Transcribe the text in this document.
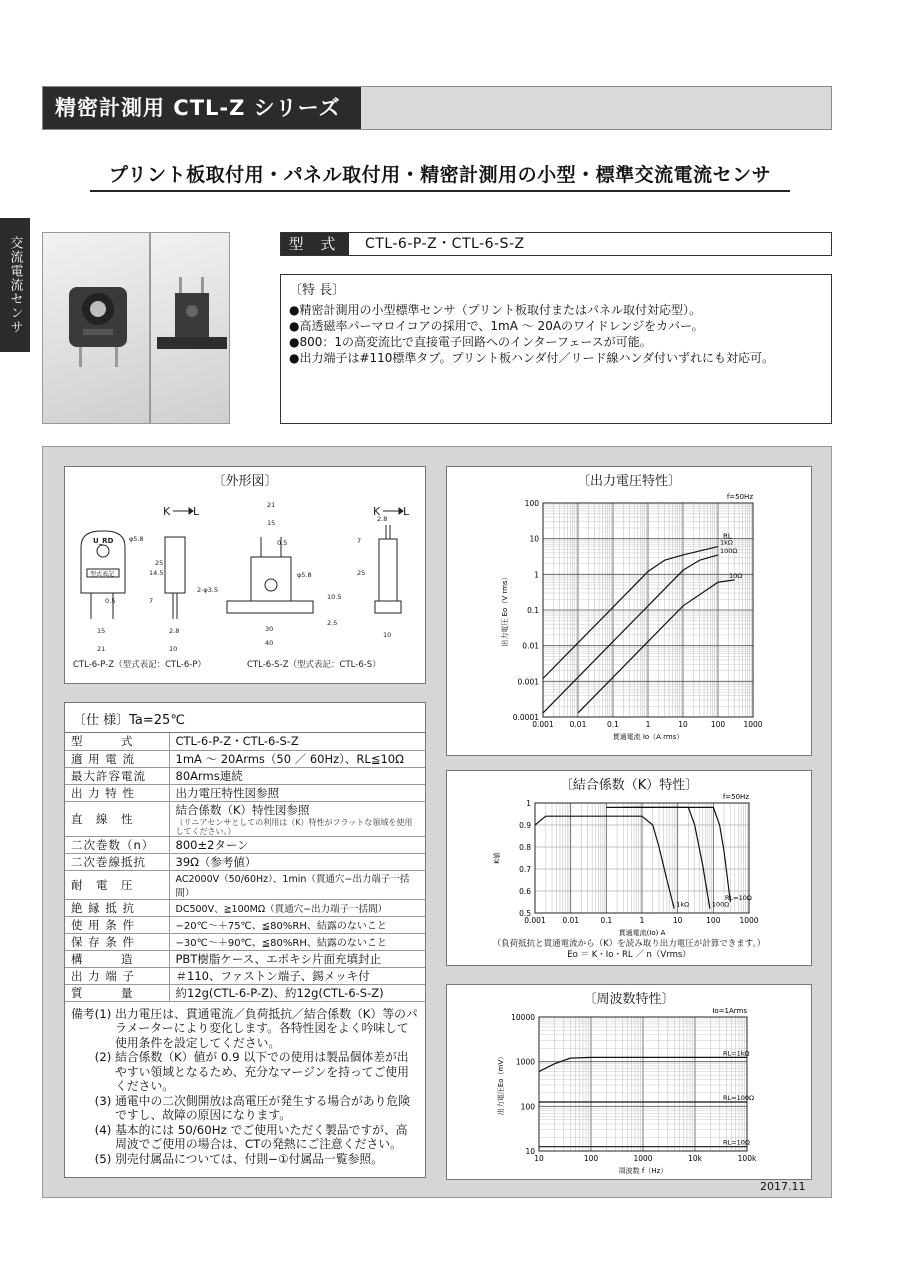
精密計測用 CTL-Z シリーズ
プリント板取付用・パネル取付用・精密計測用の小型・標準交流電流センサ
交流電流センサ	型 式	CTL-6-P-Z・CTL-6-S-Z
〔特 長〕
●精密計測用の小型標準センサ（プリント板取付またはパネル取付対応型）。
●高透磁率パーマロイコアの採用で、1mA ～ 20Aのワイドレンジをカバー。
●800：1の高変流比で直接電子回路へのインターフェースが可能。
●出力端子は#110標準タブ。プリント板ハンダ付／リード線ハンダ付いずれにも対応可。
〔外形図〕
K L	K L
U_RD
型式表記
φ5.8
14.5
25
7
0.5
15
21
2.8
10
21
15
0.5
φ5.8
2-φ3.5
30
40
2.5
10.5
25
7
2.8
10
CTL-6-P-Z（型式表記：CTL-6-P）	CTL-6-S-Z（型式表記：CTL-6-S）
〔仕 様〕Ta=25℃
型　　　式	CTL-6-P-Z・CTL-6-S-Z
適 用 電 流	1mA ～ 20Arms（50 ／ 60Hz）、RL≦10Ω
最大許容電流	80Arms連続
出 力 特 性	出力電圧特性図参照
直　線　性	結合係数（K）特性図参照
（リニアセンサとしての利用は（K）特性がフラットな領域を使用してください。）

二次巻数（n）	800±2ターン
二次巻線抵抗	39Ω（参考値）
耐　電　圧	AC2000V（50/60Hz）、1min（貫通穴−出力端子一括間）
絶 縁 抵 抗	DC500V、≧100MΩ（貫通穴−出力端子一括間）
使 用 条 件	−20℃～＋75℃、≦80%RH、結露のないこと
保 存 条 件	−30℃～＋90℃、≦80%RH、結露のないこと
構　　　造	PBT樹脂ケース、エポキシ片面充填封止
出 力 端 子	＃110、ファストン端子、錫メッキ付
質　　　量	約12g(CTL-6-P-Z)、約12g(CTL-6-S-Z)
備考(1) 出力電圧は、貫通電流／負荷抵抗／結合係数（K）等のパラメーターにより変化します。各特性図をよく吟味して使用条件を設定してください。
　　(2) 結合係数（K）値が 0.9 以下での使用は製品個体差が出やすい領域となるため、充分なマージンを持ってご使用ください。
　　(3) 通電中の二次側開放は高電圧が発生する場合があり危険ですし、故障の原因になります。
　　(4) 基本的には 50/60Hz でご使用いただく製品ですが、高周波でご使用の場合は、CTの発熱にご注意ください。
　　(5) 別売付属品については、付則−①付属品一覧参照。
〔出力電圧特性〕
0.001 0.01	0.1	1	10	100 1000
0.0001
0.001
0.01
0.1
1
10
100
貫通電流 Io（A rms）
出力電圧 Eo（V rms）
f=50Hz
RL
1kΩ
100Ω
10Ω
〔結合係数（K）特性〕
0.001 0.01	0.1	1	10	100	1000
0.5
0.6
0.7
0.8
0.9
1
貫通電流(Io) A
K値
f=50Hz
1kΩ	100Ω
RL=10Ω
（負荷抵抗と貫通電流から（K）を読み取り出力電圧が計算できます。）
Eo ＝ K・Io・RL ／ n（Vrms）
〔周波数特性〕
10	100	1000	10k	100k
10
100
1000
10000
周波数 f（Hz）
出力電圧Eo（mV）
Io=1Arms
RL=1kΩ
RL=100Ω
RL=10Ω
2017.11
